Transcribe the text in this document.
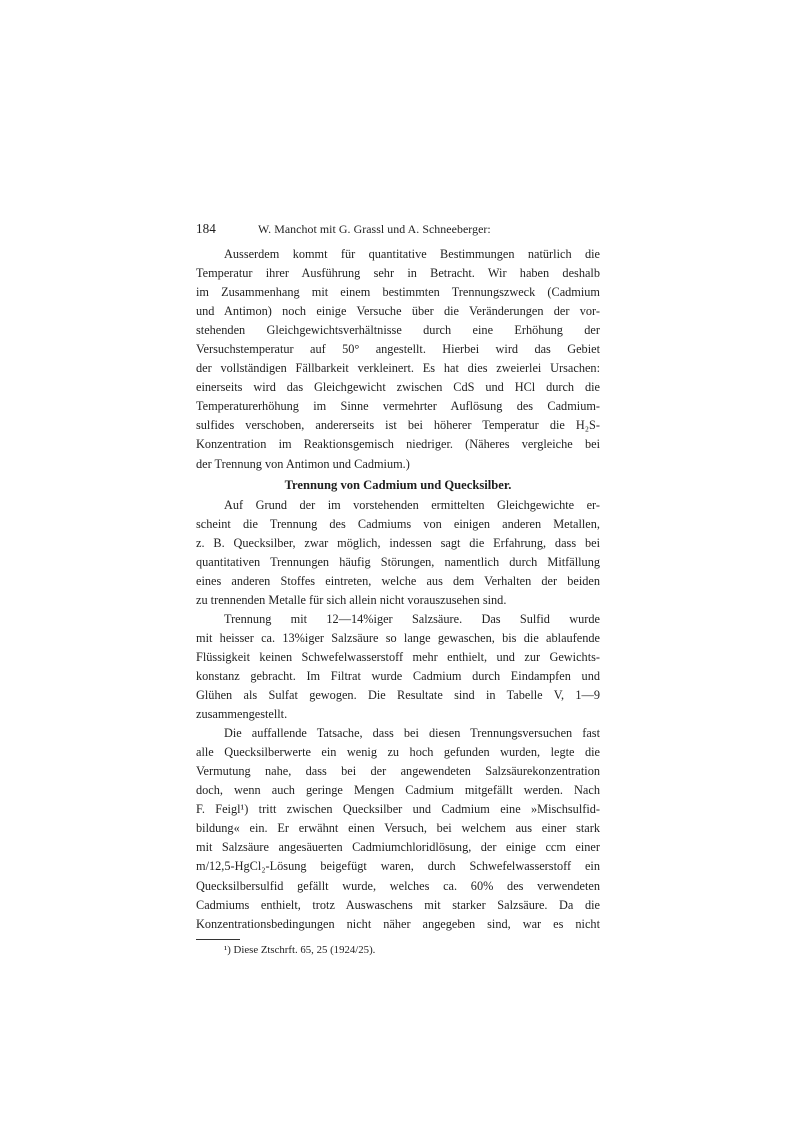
184	W. Manchot mit G. Grassl und A. Schneeberger:
Ausserdem kommt für quantitative Bestimmungen natürlich die
Temperatur ihrer Ausführung sehr in Betracht. Wir haben deshalb
im Zusammenhang mit einem bestimmten Trennungszweck (Cadmium
und Antimon) noch einige Versuche über die Veränderungen der vor-
stehenden Gleichgewichtsverhältnisse durch eine Erhöhung der
Versuchstemperatur auf 50° angestellt. Hierbei wird das Gebiet
der vollständigen Fällbarkeit verkleinert. Es hat dies zweierlei Ursachen:
einerseits wird das Gleichgewicht zwischen CdS und HCl durch die
Temperaturerhöhung im Sinne vermehrter Auflösung des Cadmium-
sulfides verschoben, andererseits ist bei höherer Temperatur die H₂S-
Konzentration im Reaktionsgemisch niedriger. (Näheres vergleiche bei
der Trennung von Antimon und Cadmium.)
Trennung von Cadmium und Quecksilber.
Auf Grund der im vorstehenden ermittelten Gleichgewichte er-
scheint die Trennung des Cadmiums von einigen anderen Metallen,
z. B. Quecksilber, zwar möglich, indessen sagt die Erfahrung, dass bei
quantitativen Trennungen häufig Störungen, namentlich durch Mitfällung
eines anderen Stoffes eintreten, welche aus dem Verhalten der beiden
zu trennenden Metalle für sich allein nicht vorauszusehen sind.
Trennung mit 12—14%iger Salzsäure. Das Sulfid wurde
mit heisser ca. 13%iger Salzsäure so lange gewaschen, bis die ablaufende
Flüssigkeit keinen Schwefelwasserstoff mehr enthielt, und zur Gewichts-
konstanz gebracht. Im Filtrat wurde Cadmium durch Eindampfen und
Glühen als Sulfat gewogen. Die Resultate sind in Tabelle V, 1—9
zusammengestellt.
Die auffallende Tatsache, dass bei diesen Trennungsversuchen fast
alle Quecksilberwerte ein wenig zu hoch gefunden wurden, legte die
Vermutung nahe, dass bei der angewendeten Salzsäurekonzentration
doch, wenn auch geringe Mengen Cadmium mitgefällt werden. Nach
F. Feigl¹) tritt zwischen Quecksilber und Cadmium eine »Mischsulfid-
bildung« ein. Er erwähnt einen Versuch, bei welchem aus einer stark
mit Salzsäure angesäuerten Cadmiumchloridlösung, der einige ccm einer
m/12,5-HgCl₂-Lösung beigefügt waren, durch Schwefelwasserstoff ein
Quecksilbersulfid gefällt wurde, welches ca. 60% des verwendeten
Cadmiums enthielt, trotz Auswaschens mit starker Salzsäure. Da die
Konzentrationsbedingungen nicht näher angegeben sind, war es nicht
¹) Diese Ztschrft. 65, 25 (1924/25).
